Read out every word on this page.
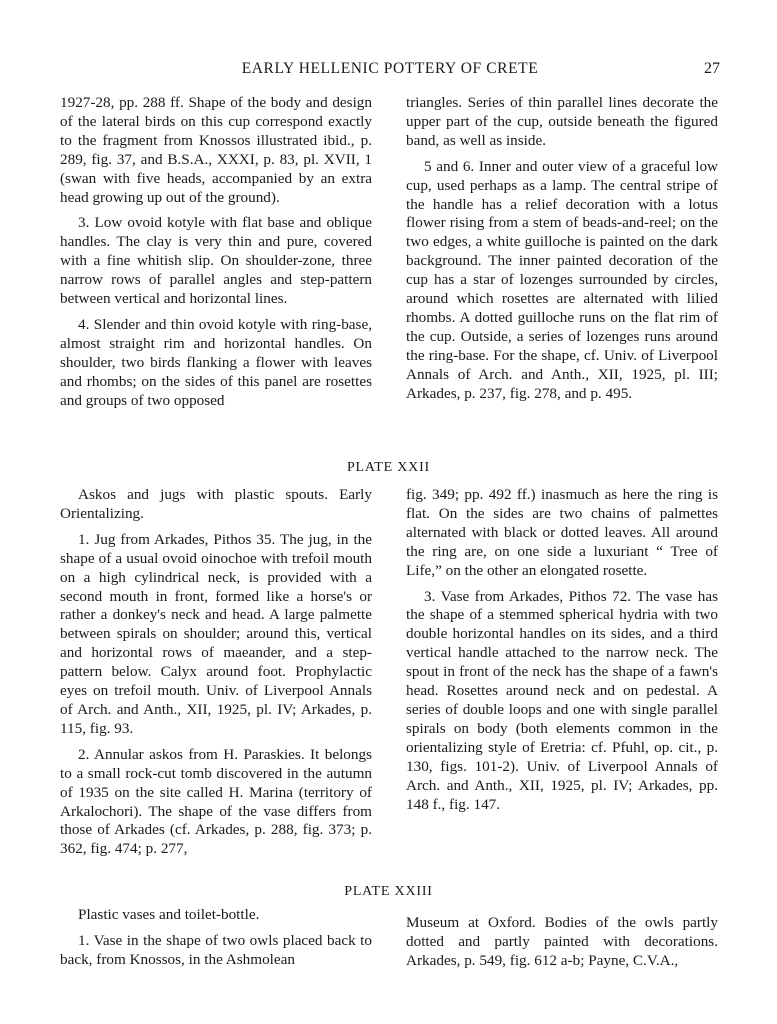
EARLY HELLENIC POTTERY OF CRETE	27

1927-28, pp. 288 ff. Shape of the body and design of the lateral birds on this cup correspond exactly to the fragment from Knossos illustrated ibid., p. 289, fig. 37, and B.S.A., XXXI, p. 83, pl. XVII, 1 (swan with five heads, accompanied by an extra head growing up out of the ground).

3. Low ovoid kotyle with flat base and oblique handles. The clay is very thin and pure, covered with a fine whitish slip. On shoulder-zone, three narrow rows of parallel angles and step-pattern between vertical and horizontal lines.

4. Slender and thin ovoid kotyle with ring-base, almost straight rim and horizontal handles. On shoulder, two birds flanking a flower with leaves and rhombs; on the sides of this panel are rosettes and groups of two opposed

triangles. Series of thin parallel lines decorate the upper part of the cup, outside beneath the figured band, as well as inside.

5 and 6. Inner and outer view of a graceful low cup, used perhaps as a lamp. The central stripe of the handle has a relief decoration with a lotus flower rising from a stem of beads-and-reel; on the two edges, a white guilloche is painted on the dark background. The inner painted decoration of the cup has a star of lozenges surrounded by circles, around which rosettes are alternated with lilied rhombs. A dotted guilloche runs on the flat rim of the cup. Outside, a series of lozenges runs around the ring-base. For the shape, cf. Univ. of Liverpool Annals of Arch. and Anth., XII, 1925, pl. III; Arkades, p. 237, fig. 278, and p. 495.

PLATE XXII

Askos and jugs with plastic spouts. Early Orientalizing.

1. Jug from Arkades, Pithos 35. The jug, in the shape of a usual ovoid oinochoe with trefoil mouth on a high cylindrical neck, is provided with a second mouth in front, formed like a horse's or rather a donkey's neck and head. A large palmette between spirals on shoulder; around this, vertical and horizontal rows of maeander, and a step-pattern below. Calyx around foot. Prophylactic eyes on trefoil mouth. Univ. of Liverpool Annals of Arch. and Anth., XII, 1925, pl. IV; Arkades, p. 115, fig. 93.

2. Annular askos from H. Paraskies. It belongs to a small rock-cut tomb discovered in the autumn of 1935 on the site called H. Marina (territory of Arkalochori). The shape of the vase differs from those of Arkades (cf. Arkades, p. 288, fig. 373; p. 362, fig. 474; p. 277,

fig. 349; pp. 492 ff.) inasmuch as here the ring is flat. On the sides are two chains of palmettes alternated with black or dotted leaves. All around the ring are, on one side a luxuriant “ Tree of Life,” on the other an elongated rosette.

3. Vase from Arkades, Pithos 72. The vase has the shape of a stemmed spherical hydria with two double horizontal handles on its sides, and a third vertical handle attached to the narrow neck. The spout in front of the neck has the shape of a fawn's head. Rosettes around neck and on pedestal. A series of double loops and one with single parallel spirals on body (both elements common in the orientalizing style of Eretria: cf. Pfuhl, op. cit., p. 130, figs. 101-2). Univ. of Liverpool Annals of Arch. and Anth., XII, 1925, pl. IV; Arkades, pp. 148 f., fig. 147.

PLATE XXIII

Plastic vases and toilet-bottle.

1. Vase in the shape of two owls placed back to back, from Knossos, in the Ashmolean

Museum at Oxford. Bodies of the owls partly dotted and partly painted with decorations. Arkades, p. 549, fig. 612 a-b; Payne, C.V.A.,
